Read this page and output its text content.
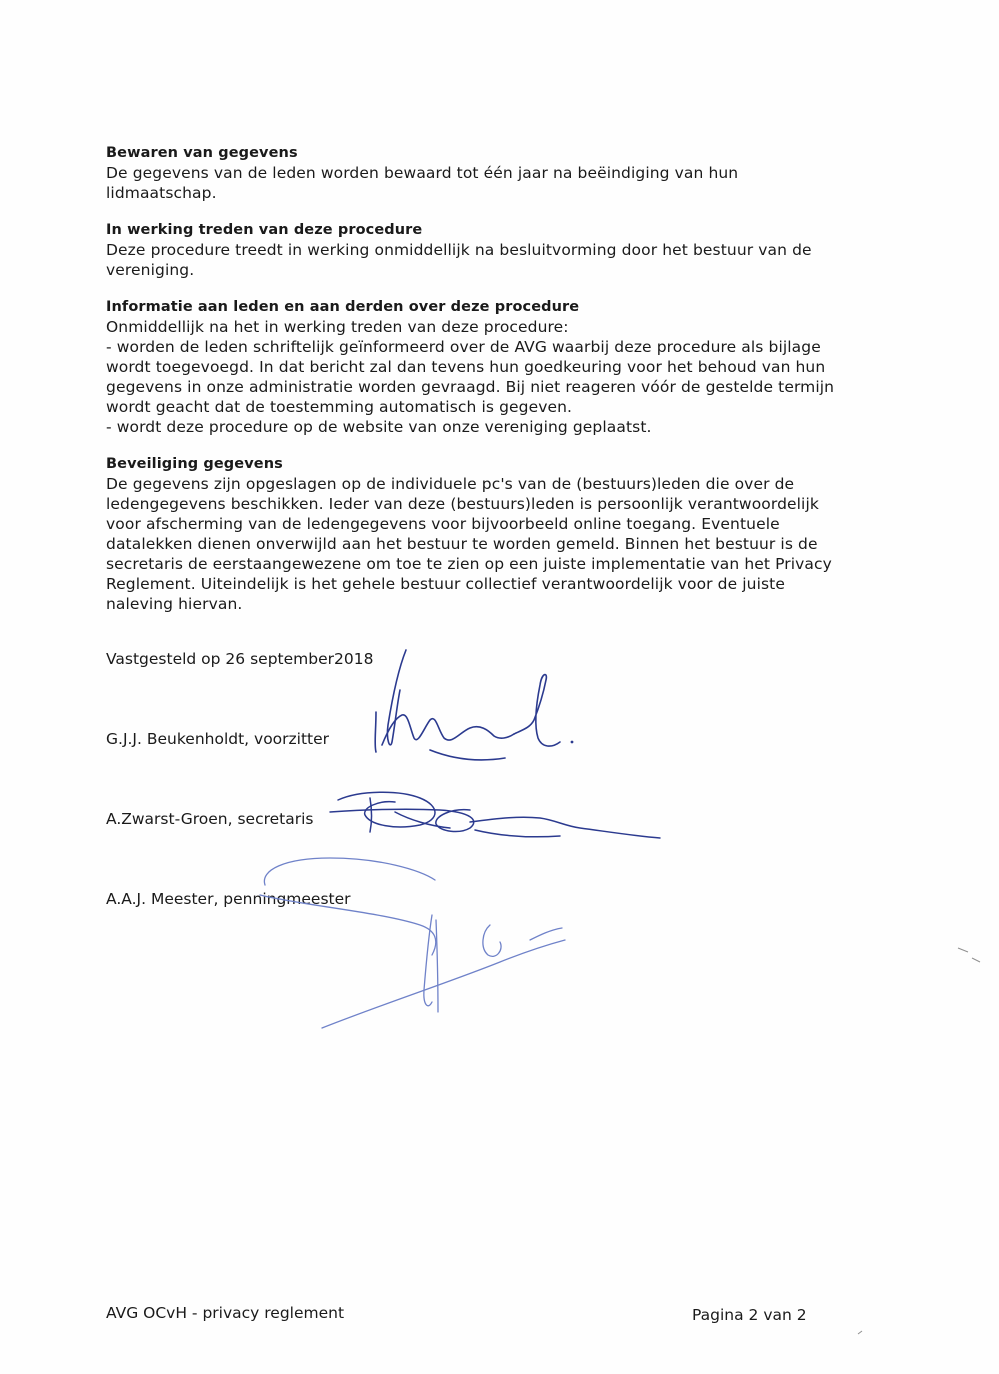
Bewaren van gegevens

De gegevens van de leden worden bewaard tot één jaar na beëindiging van hun
lidmaatschap.

In werking treden van deze procedure

Deze procedure treedt in werking onmiddellijk na besluitvorming door het bestuur van de
vereniging.

Informatie aan leden en aan derden over deze procedure

Onmiddellijk na het in werking treden van deze procedure:
- worden de leden schriftelijk geïnformeerd over de AVG waarbij deze procedure als bijlage
wordt toegevoegd. In dat bericht zal dan tevens hun goedkeuring voor het behoud van hun
gegevens in onze administratie worden gevraagd. Bij niet reageren vóór de gestelde termijn
wordt geacht dat de toestemming automatisch is gegeven.
- wordt deze procedure op de website van onze vereniging geplaatst.

Beveiliging gegevens

De gegevens zijn opgeslagen op de individuele pc's van de (bestuurs)leden die over de
ledengegevens beschikken. Ieder van deze (bestuurs)leden is persoonlijk verantwoordelijk
voor afscherming van de ledengegevens voor bijvoorbeeld online toegang. Eventuele
datalekken dienen onverwijld aan het bestuur te worden gemeld. Binnen het bestuur is de
secretaris de eerstaangewezene om toe te zien op een juiste implementatie van het Privacy
Reglement. Uiteindelijk is het gehele bestuur collectief verantwoordelijk voor de juiste
naleving hiervan.

Vastgesteld op 26 september2018
G.J.J. Beukenholdt, voorzitter
A.Zwarst-Groen, secretaris
A.A.J. Meester, penningmeester
AVG OCvH - privacy reglement	Pagina 2 van 2
